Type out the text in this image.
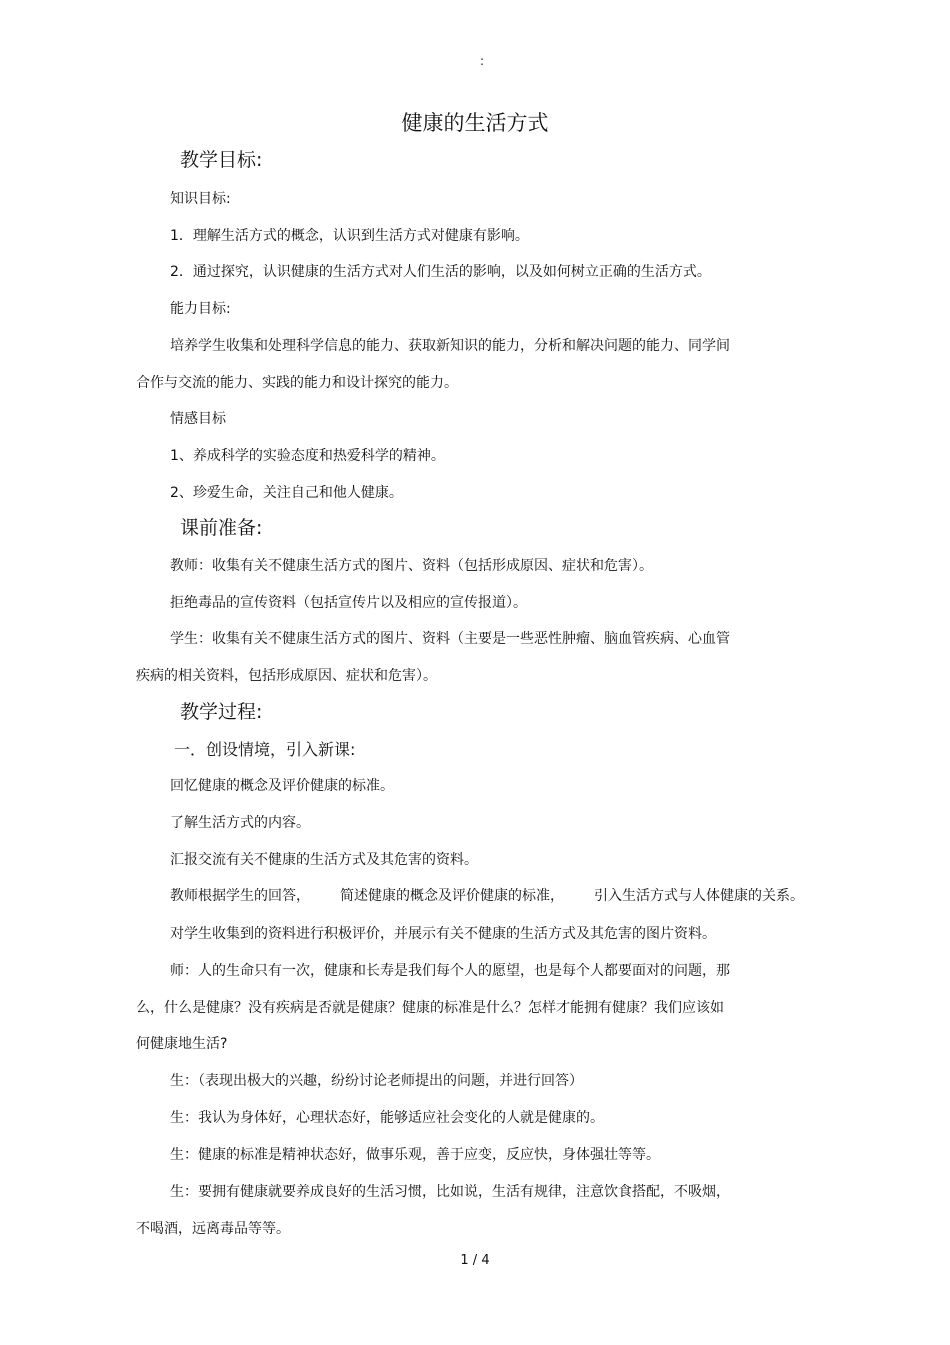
:
健康的生活方式
教学目标:
知识目标:
1．理解生活方式的概念，认识到生活方式对健康有影响。
2．通过探究，认识健康的生活方式对人们生活的影响，以及如何树立正确的生活方式。
能力目标:
培养学生收集和处理科学信息的能力、获取新知识的能力，分析和解决问题的能力、同学间
合作与交流的能力、实践的能力和设计探究的能力。
情感目标
1、养成科学的实验态度和热爱科学的精神。
2、珍爱生命，关注自己和他人健康。
课前准备:
教师：收集有关不健康生活方式的图片、资料（包括形成原因、症状和危害）。
拒绝毒品的宣传资料（包括宣传片以及相应的宣传报道）。
学生：收集有关不健康生活方式的图片、资料（主要是一些恶性肿瘤、脑血管疾病、心血管
疾病的相关资料，包括形成原因、症状和危害）。
教学过程:
一．创设情境，引入新课:
回忆健康的概念及评价健康的标准。
了解生活方式的内容。
汇报交流有关不健康的生活方式及其危害的资料。
教师根据学生的回答， 简述健康的概念及评价健康的标准， 引入生活方式与人体健康的关系。
对学生收集到的资料进行积极评价，并展示有关不健康的生活方式及其危害的图片资料。
师：人的生命只有一次，健康和长寿是我们每个人的愿望，也是每个人都要面对的问题，那
么，什么是健康？没有疾病是否就是健康？健康的标准是什么？怎样才能拥有健康？我们应该如
何健康地生活?
生：（表现出极大的兴趣，纷纷讨论老师提出的问题，并进行回答）
生：我认为身体好，心理状态好，能够适应社会变化的人就是健康的。
生：健康的标准是精神状态好，做事乐观，善于应变，反应快，身体强壮等等。
生：要拥有健康就要养成良好的生活习惯，比如说，生活有规律，注意饮食搭配，不吸烟，
不喝酒，远离毒品等等。
1 / 4
